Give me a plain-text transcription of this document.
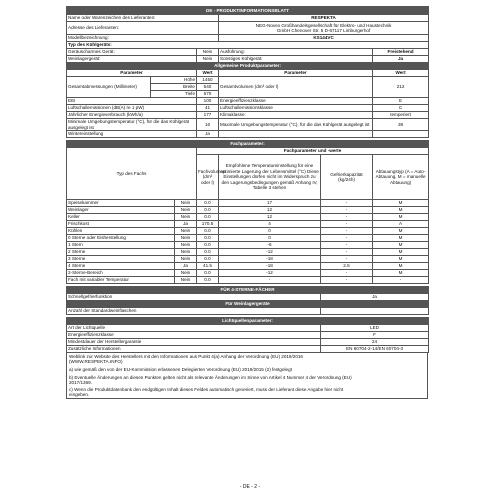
DE - PRODUKTINFORMATIONSBLATT						
Name oder Warenzeichen des Lieferanten:				RESPEKTA		
Adresse des Lieferanten:				NEG-Novex Großhandelsgesellschaft für Elektro- und Haustechnik
GmbH Chenover Str. 5 D-67117 Limburgerhof		

Modellbezeichnung:				KS144VC		
Typ des Kühlgeräts:						
Geräuscharmes Gerät:			Nein	Ausführung:		Freistehend
Weinlagergerät:			Nein	Sonstiges Kühlgerät:		Ja
Allgemeine Produktparameter:						
Parameter			Wert	Parameter		Wert
Gesamtabmessungen (Millimeter)	Höhe		1450	Gesamtvolumen (dm³ oder l)		212
	Breite		540			
	Tiefe		570			
EEI			100	Energieeffizienzklasse		E
Luftschallemissionen (dB(A) re 1 pW)			41	Luftschallemissionsklasse		C
Jährlicher Energieverbrauch (kWh/a)			177	Klimaklasse:		temperiert
Minimale Umgebungstemperatur (°C), für die das Kühlgerät ausgelegt ist			16	Maximale Umgebungstemperatur (°C), für die das Kühlgerät ausgelegt ist		38
Wintereinstellung			Ja			

Fachparameter:						
Typ des Fachs			Fachparameter und -werte			
			Fachvolumen (dm³ oder l)	Empfohlene Temperatureinstellung für eine optimierte Lagerung der Lebensmittel (°C) Diese Einstellungen dürfen nicht im Widerspruch zu den Lagerungsbedingungen gemäß Anhang IV, Tabelle 3 stehen	Gefrierkapazität (kg/24h)	Abtauungstyp (A = Auto-Abtauung, M = manuelle Abtauung)
Speisekammer		Nein	0.0	17	-	M
Weinlager		Nein	0.0	12	-	M
Keller		Nein	0.0	12	-	M
Frischkost		Ja	170.5	4	-	A
Kühlen		Nein	0.0	0	-	M
0 Sterne oder Eisherstellung		Nein	0.0	0	-	M
1 Stern		Nein	0.0	-6	-	M
2 Sterne		Nein	0.0	-12	-	M
3 Sterne		Nein	0.0	-18	-	M
4 Sterne		Ja	41.5	-18	2.6	M
2-Sterne-Bereich		Nein	0.0	-12	-	M
Fach mit variabler Temperatur		Nein	0.0	-	-	-

FÜR 4-STERNE-FÄCHER						
Schnellgefrierfunktion					Ja	
Für Weinlagergeräte						
Anzahl der Standardweinflaschen						

Lichtquellenparameter:						
Art der Lichtquelle					LED	
Energieeffizienzklasse					F	
Mindestdauer der Herstellergarantie					24	
Zusätzliche Informationen					EN 60704-2-14/EN 60704-3	
Weblink zur Website des Herstellers mit den Informationen aus Punkt 4(a) Anhang der Verordnung (EU) 2019/2016
(WWW.RESPEKTA.INFO)
a) wie gemäß den von der EU-Kommission erlassenen Delegierten Verordnung (EU) 2019/2015 (2) festgelegt
b) Eventuelle Änderungen an diesen Punkten gelten nicht als relevante Änderungen im Sinne von Artikel 4 Nummer 4 der Verordnung (EU)
2017/1369.
c) Wenn die Produktdatenbank den endgültigen Inhalt dieses Feldes automatisch generiert, muss der Lieferant diese Angabe hier nicht
eingeben.
- DE - 2 -
